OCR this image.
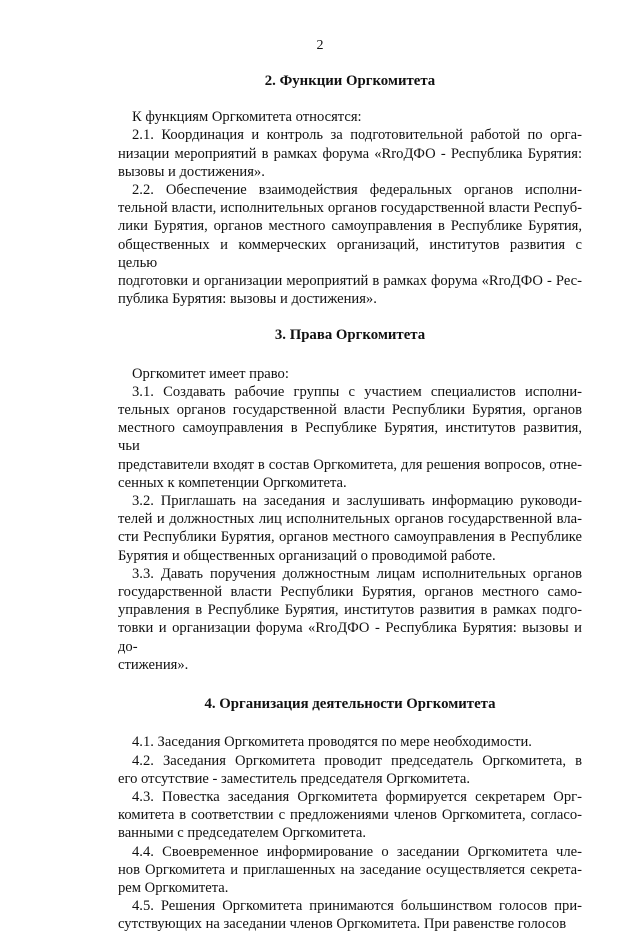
2
2. Функции Оргкомитета
К функциям Оргкомитета относятся:
2.1. Координация и контроль за подготовительной работой по орга-
низации мероприятий в рамках форума «RroДФО - Республика Бурятия:
вызовы и достижения».
2.2. Обеспечение взаимодействия федеральных органов исполни-
тельной власти, исполнительных органов государственной власти Респуб-
лики Бурятия, органов местного самоуправления в Республике Бурятия,
общественных и коммерческих организаций, институтов развития с целью
подготовки и организации мероприятий в рамках форума «RroДФО - Рес-
публика Бурятия: вызовы и достижения».
3. Права Оргкомитета
Оргкомитет имеет право:
3.1. Создавать рабочие группы с участием специалистов исполни-
тельных органов государственной власти Республики Бурятия, органов
местного самоуправления в Республике Бурятия, институтов развития, чьи
представители входят в состав Оргкомитета, для решения вопросов, отне-
сенных к компетенции Оргкомитета.
3.2. Приглашать на заседания и заслушивать информацию руководи-
телей и должностных лиц исполнительных органов государственной вла-
сти Республики Бурятия, органов местного самоуправления в Республике
Бурятия и общественных организаций о проводимой работе.
3.3. Давать поручения должностным лицам исполнительных органов
государственной власти Республики Бурятия, органов местного само-
управления в Республике Бурятия, институтов развития в рамках подго-
товки и организации форума «RroДФО - Республика Бурятия: вызовы и до-
стижения».
4. Организация деятельности Оргкомитета
4.1. Заседания Оргкомитета проводятся по мере необходимости.
4.2. Заседания Оргкомитета проводит председатель Оргкомитета, в
его отсутствие - заместитель председателя Оргкомитета.
4.3. Повестка заседания Оргкомитета формируется секретарем Орг-
комитета в соответствии с предложениями членов Оргкомитета, согласо-
ванными с председателем Оргкомитета.
4.4. Своевременное информирование о заседании Оргкомитета чле-
нов Оргкомитета и приглашенных на заседание осуществляется секрета-
рем Оргкомитета.
4.5. Решения Оргкомитета принимаются большинством голосов при-
сутствующих на заседании членов Оргкомитета. При равенстве голосов
